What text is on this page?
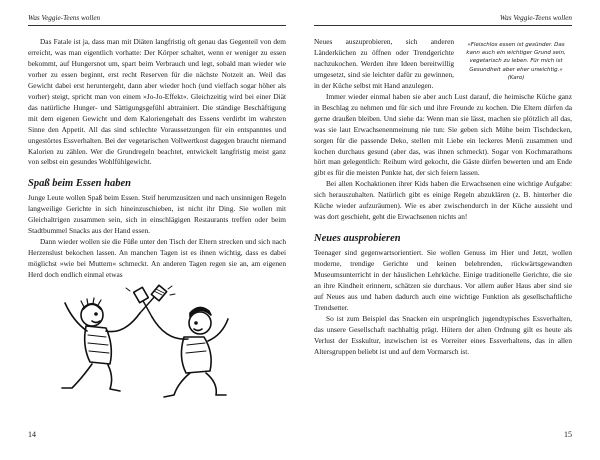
Was Veggie-Teens wollen

Das Fatale ist ja, dass man mit Diäten langfristig oft genau das Gegenteil von dem erreicht, was man eigentlich vorhatte: Der Körper schaltet, wenn er weniger zu essen bekommt, auf Hungersnot um, spart beim Verbrauch und legt, sobald man wieder wie vorher zu essen beginnt, erst recht Reserven für die nächste Notzeit an. Weil das Gewicht dabei erst heruntergeht, dann aber wieder hoch (und vielfach sogar höher als vorher) steigt, spricht man von einem »Jo-Jo-Effekt«. Gleichzeitig wird bei einer Diät das natürliche Hunger- und Sättigungsgefühl abtrainiert. Die ständige Beschäftigung mit dem eigenen Gewicht und dem Kaloriengehalt des Essens verdirbt im wahrsten Sinne den Appetit. All das sind schlechte Voraussetzungen für ein entspanntes und ungestörtes Essverhalten. Bei der vegetarischen Vollwertkost dagegen braucht niemand Kalorien zu zählen. Wer die Grundregeln beachtet, entwickelt langfristig meist ganz von selbst ein gesundes Wohlfühlgewicht.

Spaß beim Essen haben

Junge Leute wollen Spaß beim Essen. Steif herumzusitzen und nach unsinnigen Regeln langweilige Gerichte in sich hineinzuschieben, ist nicht ihr Ding. Sie wollen mit Gleichaltrigen zusammen sein, sich in einschlägigen Restaurants treffen oder beim Stadtbummel Snacks aus der Hand essen.

Dann wieder wollen sie die Füße unter den Tisch der Eltern strecken und sich nach Herzenslust bekochen lassen. An manchen Tagen ist es ihnen wichtig, dass es dabei möglichst »wie bei Muttern« schmeckt. An anderen Tagen regen sie an, am eigenen Herd doch endlich einmal etwas

14
Was Veggie-Teens wollen
»Fleischlos essen ist gesünder. Das kann auch ein wichtiger Grund sein, vegetarisch zu leben. Für mich ist Gesundheit aber eher unwichtig.« (Karo)

Neues auszuprobieren, sich anderen Länderküchen zu öffnen oder Trendgerichte nachzukochen. Werden ihre Ideen bereitwillig umgesetzt, sind sie leichter dafür zu gewinnen, in der Küche selbst mit Hand anzulegen.

Immer wieder einmal haben sie aber auch Lust darauf, die heimische Küche ganz in Beschlag zu nehmen und für sich und ihre Freunde zu kochen. Die Eltern dürfen da gerne draußen bleiben. Und siehe da: Wenn man sie lässt, machen sie plötzlich all das, was sie laut Erwachsenenmeinung nie tun: Sie geben sich Mühe beim Tischdecken, sorgen für die passende Deko, stellen mit Liebe ein leckeres Menü zusammen und kochen durchaus gesund (aber das, was ihnen schmeckt). Sogar von Kochmarathons hört man gelegentlich: Reihum wird gekocht, die Gäste dürfen bewerten und am Ende gibt es für die meisten Punkte hat, der sich feiern lassen.

Bei allen Kochaktionen ihrer Kids haben die Erwachsenen eine wichtige Aufgabe: sich herauszuhalten. Natürlich gibt es einige Regeln abzuklären (z. B. hinterher die Küche wieder aufzuräumen). Wie es aber zwischendurch in der Küche aussieht und was dort geschieht, geht die Erwachsenen nichts an!

Neues ausprobieren

Teenager sind gegenwartsorientiert. Sie wollen Genuss im Hier und Jetzt, wollen moderne, trendige Gerichte und keinen belehrenden, rückwärtsgewandten Museumsunterricht in der häuslichen Lehrküche. Einige traditionelle Gerichte, die sie an ihre Kindheit erinnern, schätzen sie durchaus. Vor allem außer Haus aber sind sie auf Neues aus und haben dadurch auch eine wichtige Funktion als gesellschaftliche Trendsetter.

So ist zum Beispiel das Snacken ein ursprünglich jugendtypisches Essverhalten, das unsere Gesellschaft nachhaltig prägt. Hütern der alten Ordnung gilt es heute als Verlust der Esskultur, inzwischen ist es Vorreiter eines Essverhaltens, das in allen Altersgruppen beliebt ist und auf dem Vormarsch ist.

15
